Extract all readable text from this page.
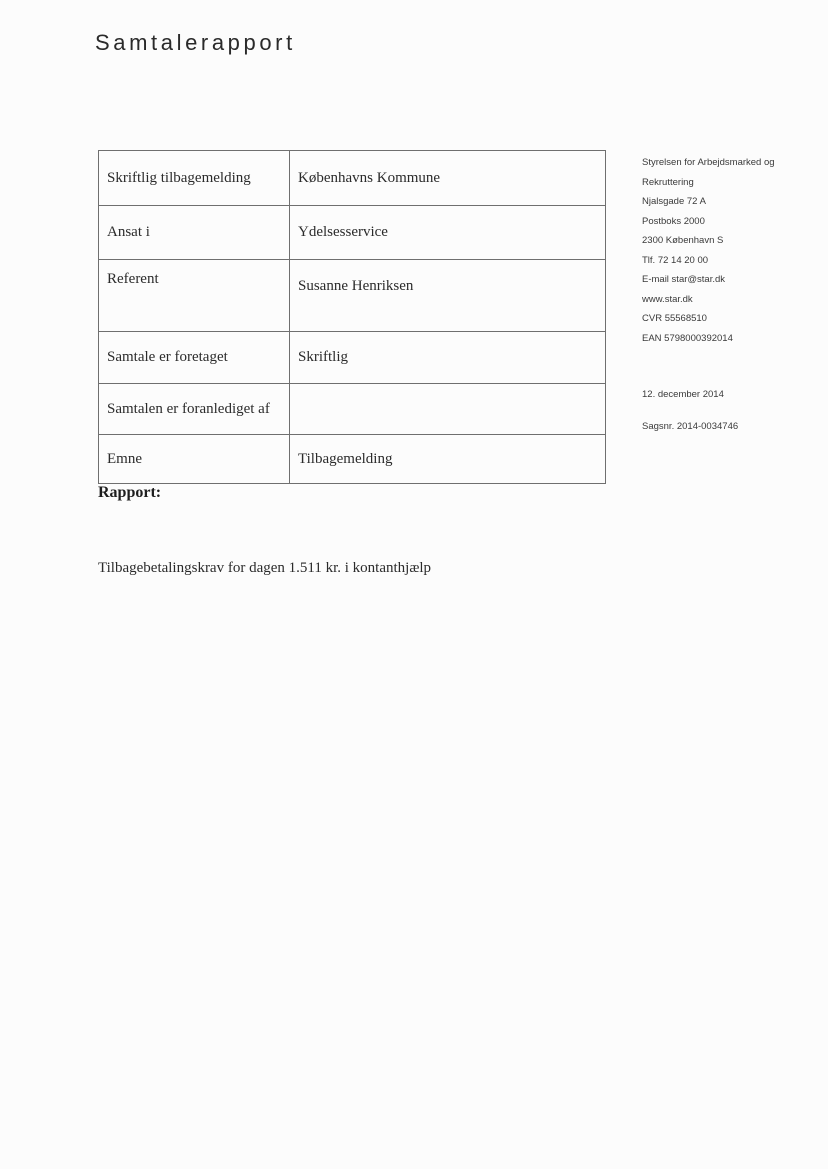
Samtalerapport
Skriftlig tilbagemelding	Københavns Kommune
Ansat i	Ydelsesservice
Referent	Susanne Henriksen
Samtale er foretaget	Skriftlig
Samtalen er foranlediget af	
Emne	Tilbagemelding
Styrelsen for Arbejdsmarked og
Rekruttering
Njalsgade 72 A
Postboks 2000
2300 København S
Tlf. 72 14 20 00
E-mail star@star.dk
www.star.dk
CVR 55568510
EAN 5798000392014
12. december 2014
Sagsnr. 2014-0034746
Rapport:
Tilbagebetalingskrav for dagen 1.511 kr. i kontanthjælp
